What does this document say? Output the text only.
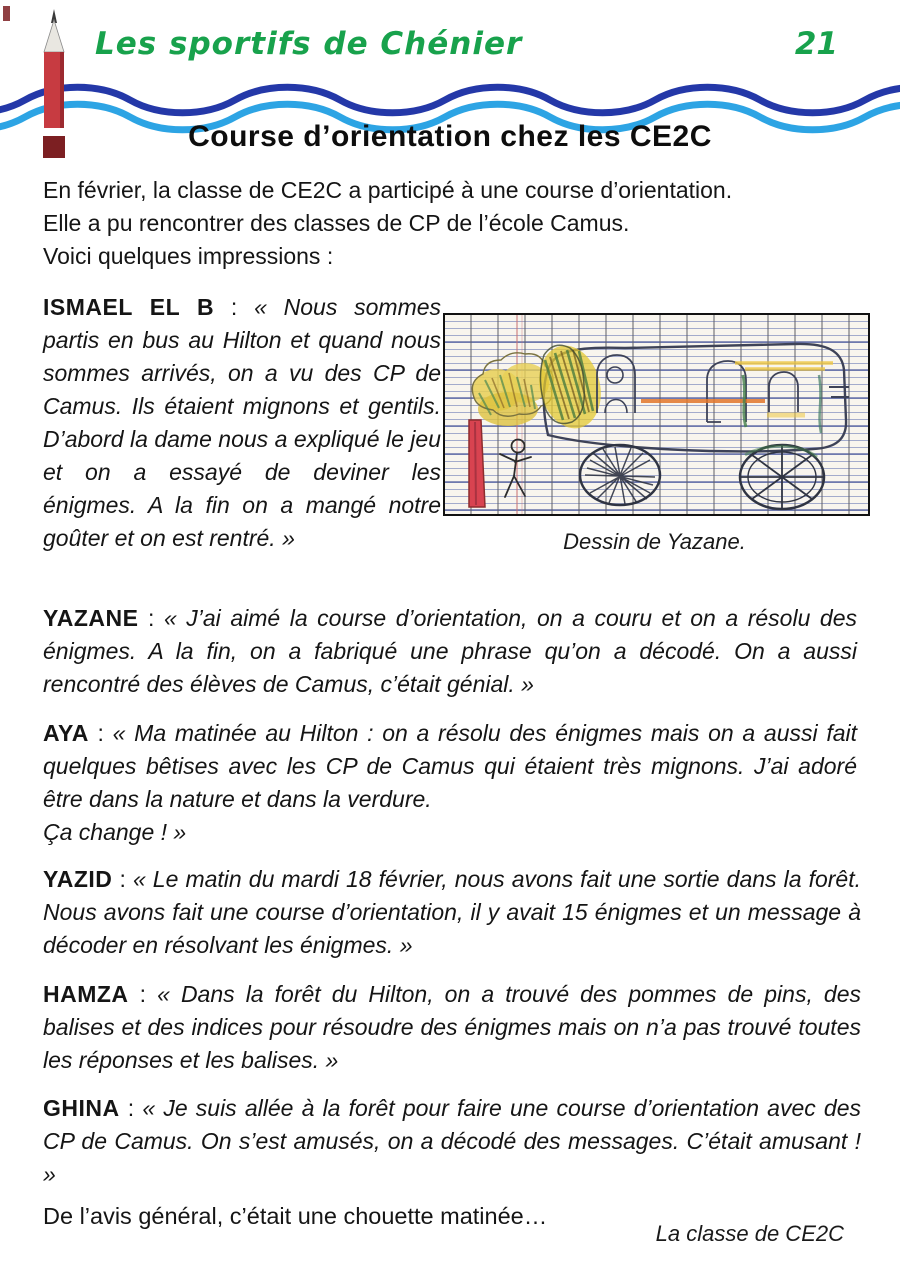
Les sportifs de Chénier	21
Course d’orientation chez les CE2C
En février, la classe de CE2C a participé à une course d’orientation.
Elle a pu rencontrer des classes de CP de l’école Camus.
Voici quelques impressions :

ISMAEL EL B : « Nous sommes partis en bus au Hilton et quand nous sommes arrivés, on a vu des CP de Camus. Ils étaient mignons et gentils. D’abord la dame nous a expliqué le jeu et on a essayé de deviner les énigmes. A la fin on a mangé notre goûter et on est rentré. »	Dessin de Yazane.

YAZANE : « J’ai aimé la course d’orientation, on a couru et on a résolu des énigmes. A la fin, on a fabriqué une phrase qu’on a décodé. On a aussi rencontré des élèves de Camus, c’était génial. »

AYA : « Ma matinée au Hilton : on a résolu des énigmes mais on a aussi fait quelques bêtises avec les CP de Camus qui étaient très mignons. J’ai adoré être dans la nature et dans la verdure.
Ça change ! »

YAZID : « Le matin du mardi 18 février, nous avons fait une sortie dans la forêt. Nous avons fait une course d’orientation, il y avait 15 énigmes et un message à décoder en résolvant les énigmes. »

HAMZA : « Dans la forêt du Hilton, on a trouvé des pommes de pins, des balises et des indices pour résoudre des énigmes mais on n’a pas trouvé toutes les réponses et les balises. »

GHINA : « Je suis allée à la forêt pour faire une course d’orientation avec des CP de Camus. On s’est amusés, on a décodé des messages. C’était amusant ! »

De l’avis général, c’était une chouette matinée…
La classe de CE2C
